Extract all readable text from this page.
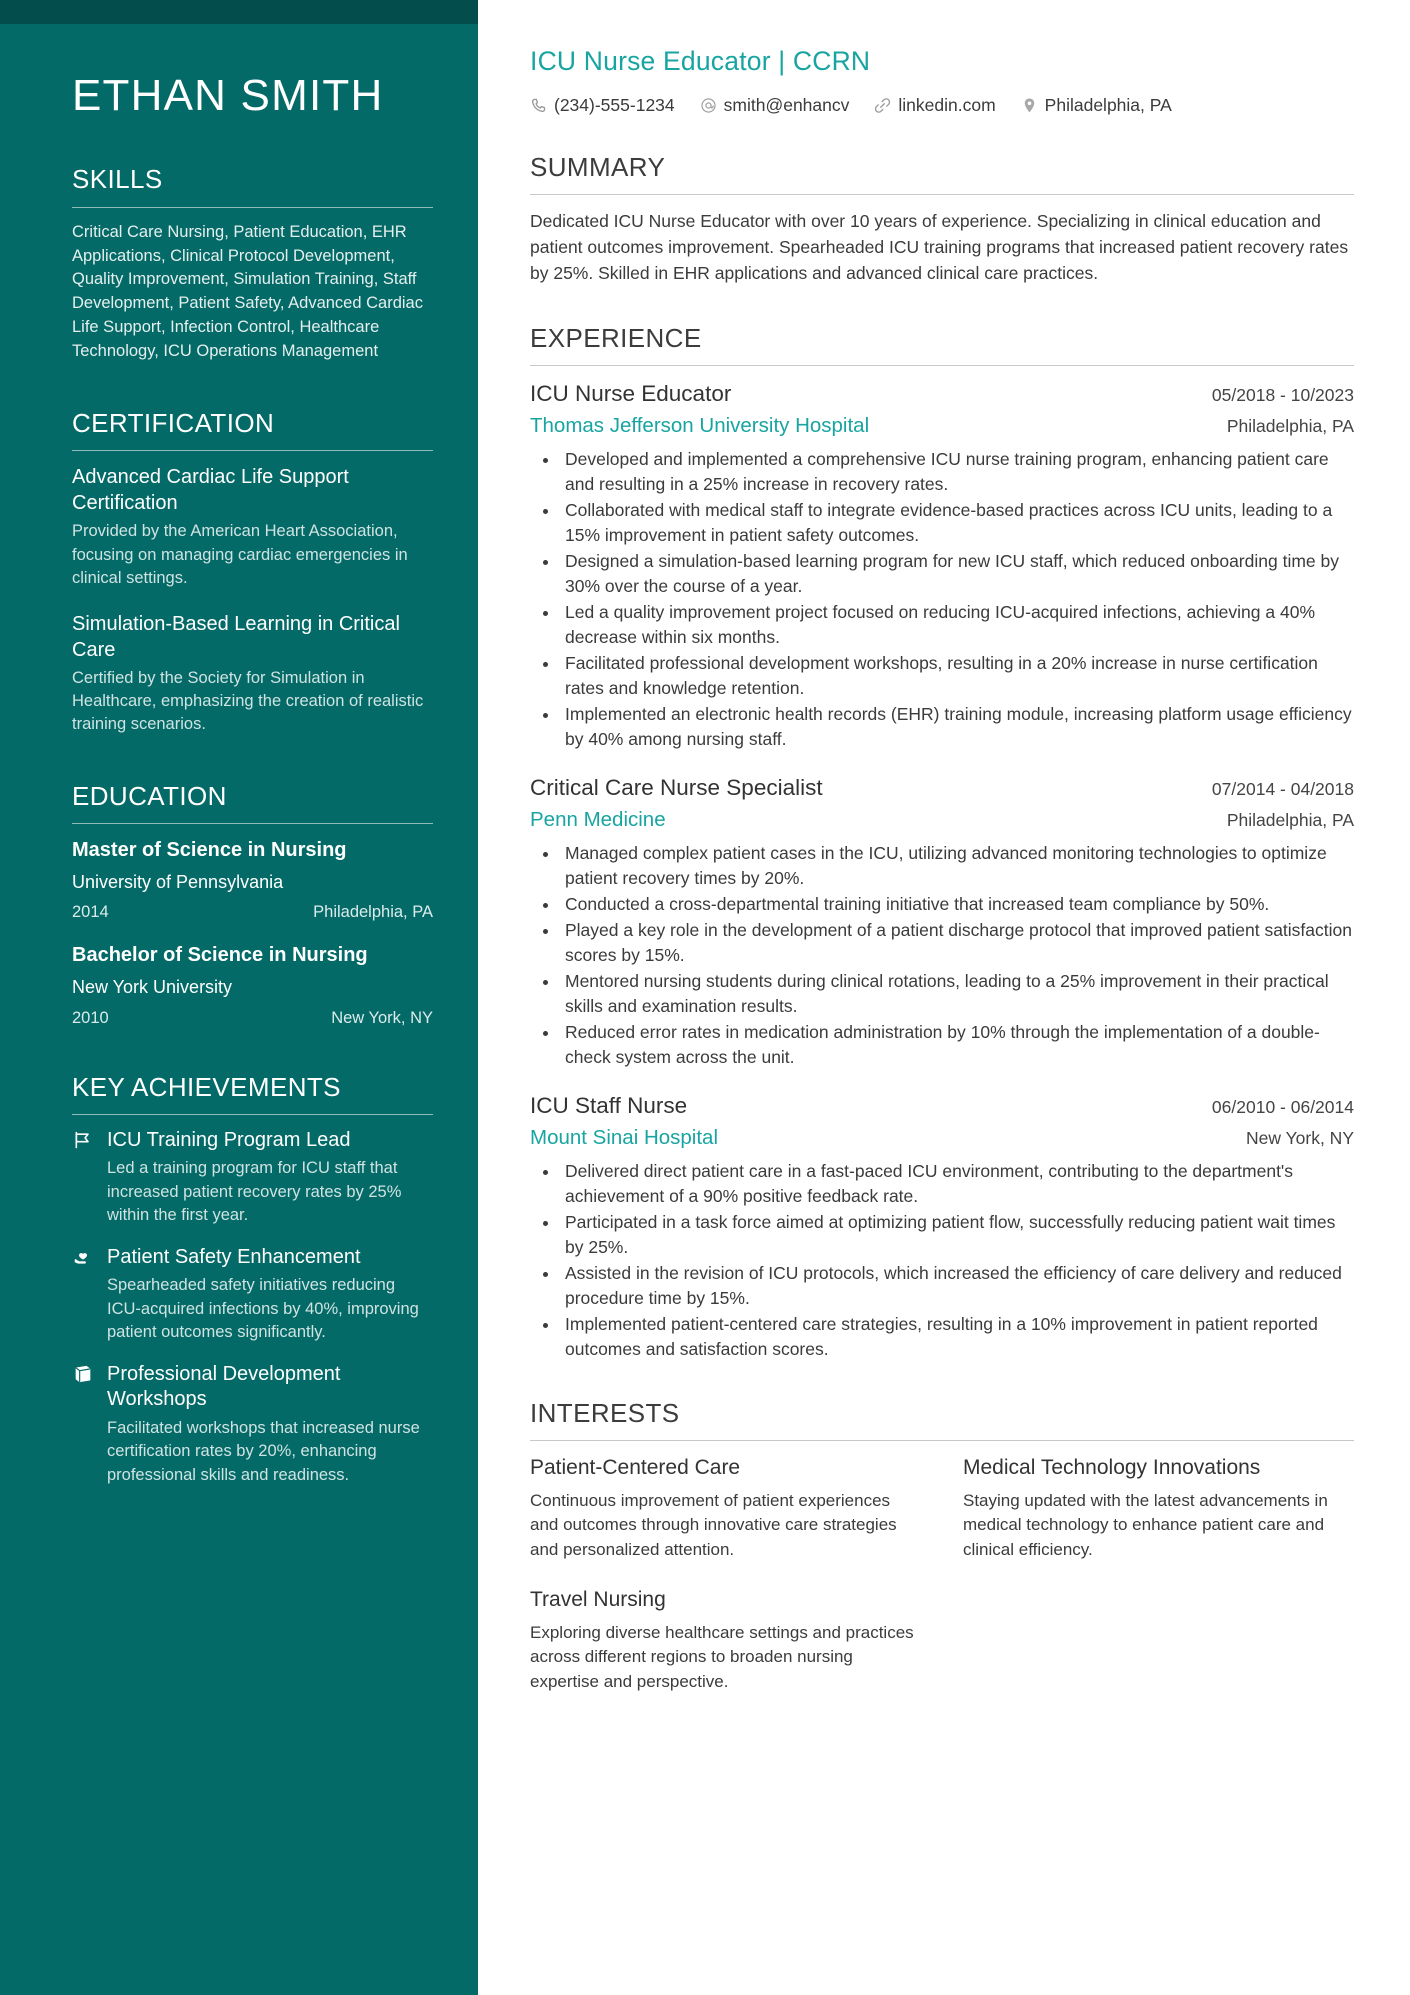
ETHAN SMITH
SKILLS

Critical Care Nursing, Patient Education, EHR Applications, Clinical Protocol Development, Quality Improvement, Simulation Training, Staff Development, Patient Safety, Advanced Cardiac Life Support, Infection Control, Healthcare Technology, ICU Operations Management

CERTIFICATION
Advanced Cardiac Life Support Certification
Provided by the American Heart Association, focusing on managing cardiac emergencies in clinical settings.
Simulation-Based Learning in Critical Care
Certified by the Society for Simulation in Healthcare, emphasizing the creation of realistic training scenarios.
EDUCATION
Master of Science in Nursing
University of Pennsylvania
2014	Philadelphia, PA
Bachelor of Science in Nursing
New York University
2010	New York, NY
KEY ACHIEVEMENTS
ICU Training Program Lead
Led a training program for ICU staff that increased patient recovery rates by 25% within the first year.
Patient Safety Enhancement
Spearheaded safety initiatives reducing ICU-acquired infections by 40%, improving patient outcomes significantly.
Professional Development Workshops
Facilitated workshops that increased nurse certification rates by 20%, enhancing professional skills and readiness.
ICU Nurse Educator | CCRN
(234)-555-1234	smith@enhancv	linkedin.com	Philadelphia, PA
SUMMARY

Dedicated ICU Nurse Educator with over 10 years of experience. Specializing in clinical education and patient outcomes improvement. Spearheaded ICU training programs that increased patient recovery rates by 25%. Skilled in EHR applications and advanced clinical care practices.

EXPERIENCE
ICU Nurse Educator	05/2018 - 10/2023
Thomas Jefferson University Hospital	Philadelphia, PA
• Developed and implemented a comprehensive ICU nurse training program, enhancing patient care and resulting in a 25% increase in recovery rates.
• Collaborated with medical staff to integrate evidence-based practices across ICU units, leading to a 15% improvement in patient safety outcomes.
• Designed a simulation-based learning program for new ICU staff, which reduced onboarding time by 30% over the course of a year.
• Led a quality improvement project focused on reducing ICU-acquired infections, achieving a 40% decrease within six months.
• Facilitated professional development workshops, resulting in a 20% increase in nurse certification rates and knowledge retention.
• Implemented an electronic health records (EHR) training module, increasing platform usage efficiency by 40% among nursing staff.
Critical Care Nurse Specialist	07/2014 - 04/2018
Penn Medicine	Philadelphia, PA
• Managed complex patient cases in the ICU, utilizing advanced monitoring technologies to optimize patient recovery times by 20%.
• Conducted a cross-departmental training initiative that increased team compliance by 50%.
• Played a key role in the development of a patient discharge protocol that improved patient satisfaction scores by 15%.
• Mentored nursing students during clinical rotations, leading to a 25% improvement in their practical skills and examination results.
• Reduced error rates in medication administration by 10% through the implementation of a double-check system across the unit.
ICU Staff Nurse	06/2010 - 06/2014
Mount Sinai Hospital	New York, NY
• Delivered direct patient care in a fast-paced ICU environment, contributing to the department's achievement of a 90% positive feedback rate.
• Participated in a task force aimed at optimizing patient flow, successfully reducing patient wait times by 25%.
• Assisted in the revision of ICU protocols, which increased the efficiency of care delivery and reduced procedure time by 15%.
• Implemented patient-centered care strategies, resulting in a 10% improvement in patient reported outcomes and satisfaction scores.
INTERESTS
Patient-Centered Care
Continuous improvement of patient experiences and outcomes through innovative care strategies and personalized attention.
Medical Technology Innovations
Staying updated with the latest advancements in medical technology to enhance patient care and clinical efficiency.
Travel Nursing
Exploring diverse healthcare settings and practices across different regions to broaden nursing expertise and perspective.
